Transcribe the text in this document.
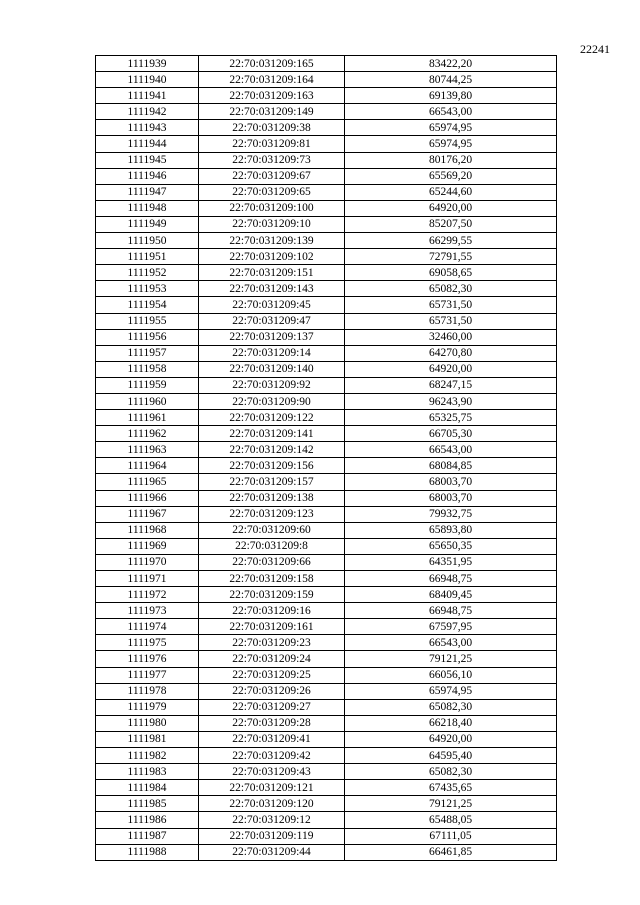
22241
1111939	22:70:031209:165	83422,20
1111940	22:70:031209:164	80744,25
1111941	22:70:031209:163	69139,80
1111942	22:70:031209:149	66543,00
1111943	22:70:031209:38	65974,95
1111944	22:70:031209:81	65974,95
1111945	22:70:031209:73	80176,20
1111946	22:70:031209:67	65569,20
1111947	22:70:031209:65	65244,60
1111948	22:70:031209:100	64920,00
1111949	22:70:031209:10	85207,50
1111950	22:70:031209:139	66299,55
1111951	22:70:031209:102	72791,55
1111952	22:70:031209:151	69058,65
1111953	22:70:031209:143	65082,30
1111954	22:70:031209:45	65731,50
1111955	22:70:031209:47	65731,50
1111956	22:70:031209:137	32460,00
1111957	22:70:031209:14	64270,80
1111958	22:70:031209:140	64920,00
1111959	22:70:031209:92	68247,15
1111960	22:70:031209:90	96243,90
1111961	22:70:031209:122	65325,75
1111962	22:70:031209:141	66705,30
1111963	22:70:031209:142	66543,00
1111964	22:70:031209:156	68084,85
1111965	22:70:031209:157	68003,70
1111966	22:70:031209:138	68003,70
1111967	22:70:031209:123	79932,75
1111968	22:70:031209:60	65893,80
1111969	22:70:031209:8	65650,35
1111970	22:70:031209:66	64351,95
1111971	22:70:031209:158	66948,75
1111972	22:70:031209:159	68409,45
1111973	22:70:031209:16	66948,75
1111974	22:70:031209:161	67597,95
1111975	22:70:031209:23	66543,00
1111976	22:70:031209:24	79121,25
1111977	22:70:031209:25	66056,10
1111978	22:70:031209:26	65974,95
1111979	22:70:031209:27	65082,30
1111980	22:70:031209:28	66218,40
1111981	22:70:031209:41	64920,00
1111982	22:70:031209:42	64595,40
1111983	22:70:031209:43	65082,30
1111984	22:70:031209:121	67435,65
1111985	22:70:031209:120	79121,25
1111986	22:70:031209:12	65488,05
1111987	22:70:031209:119	67111,05
1111988	22:70:031209:44	66461,85
